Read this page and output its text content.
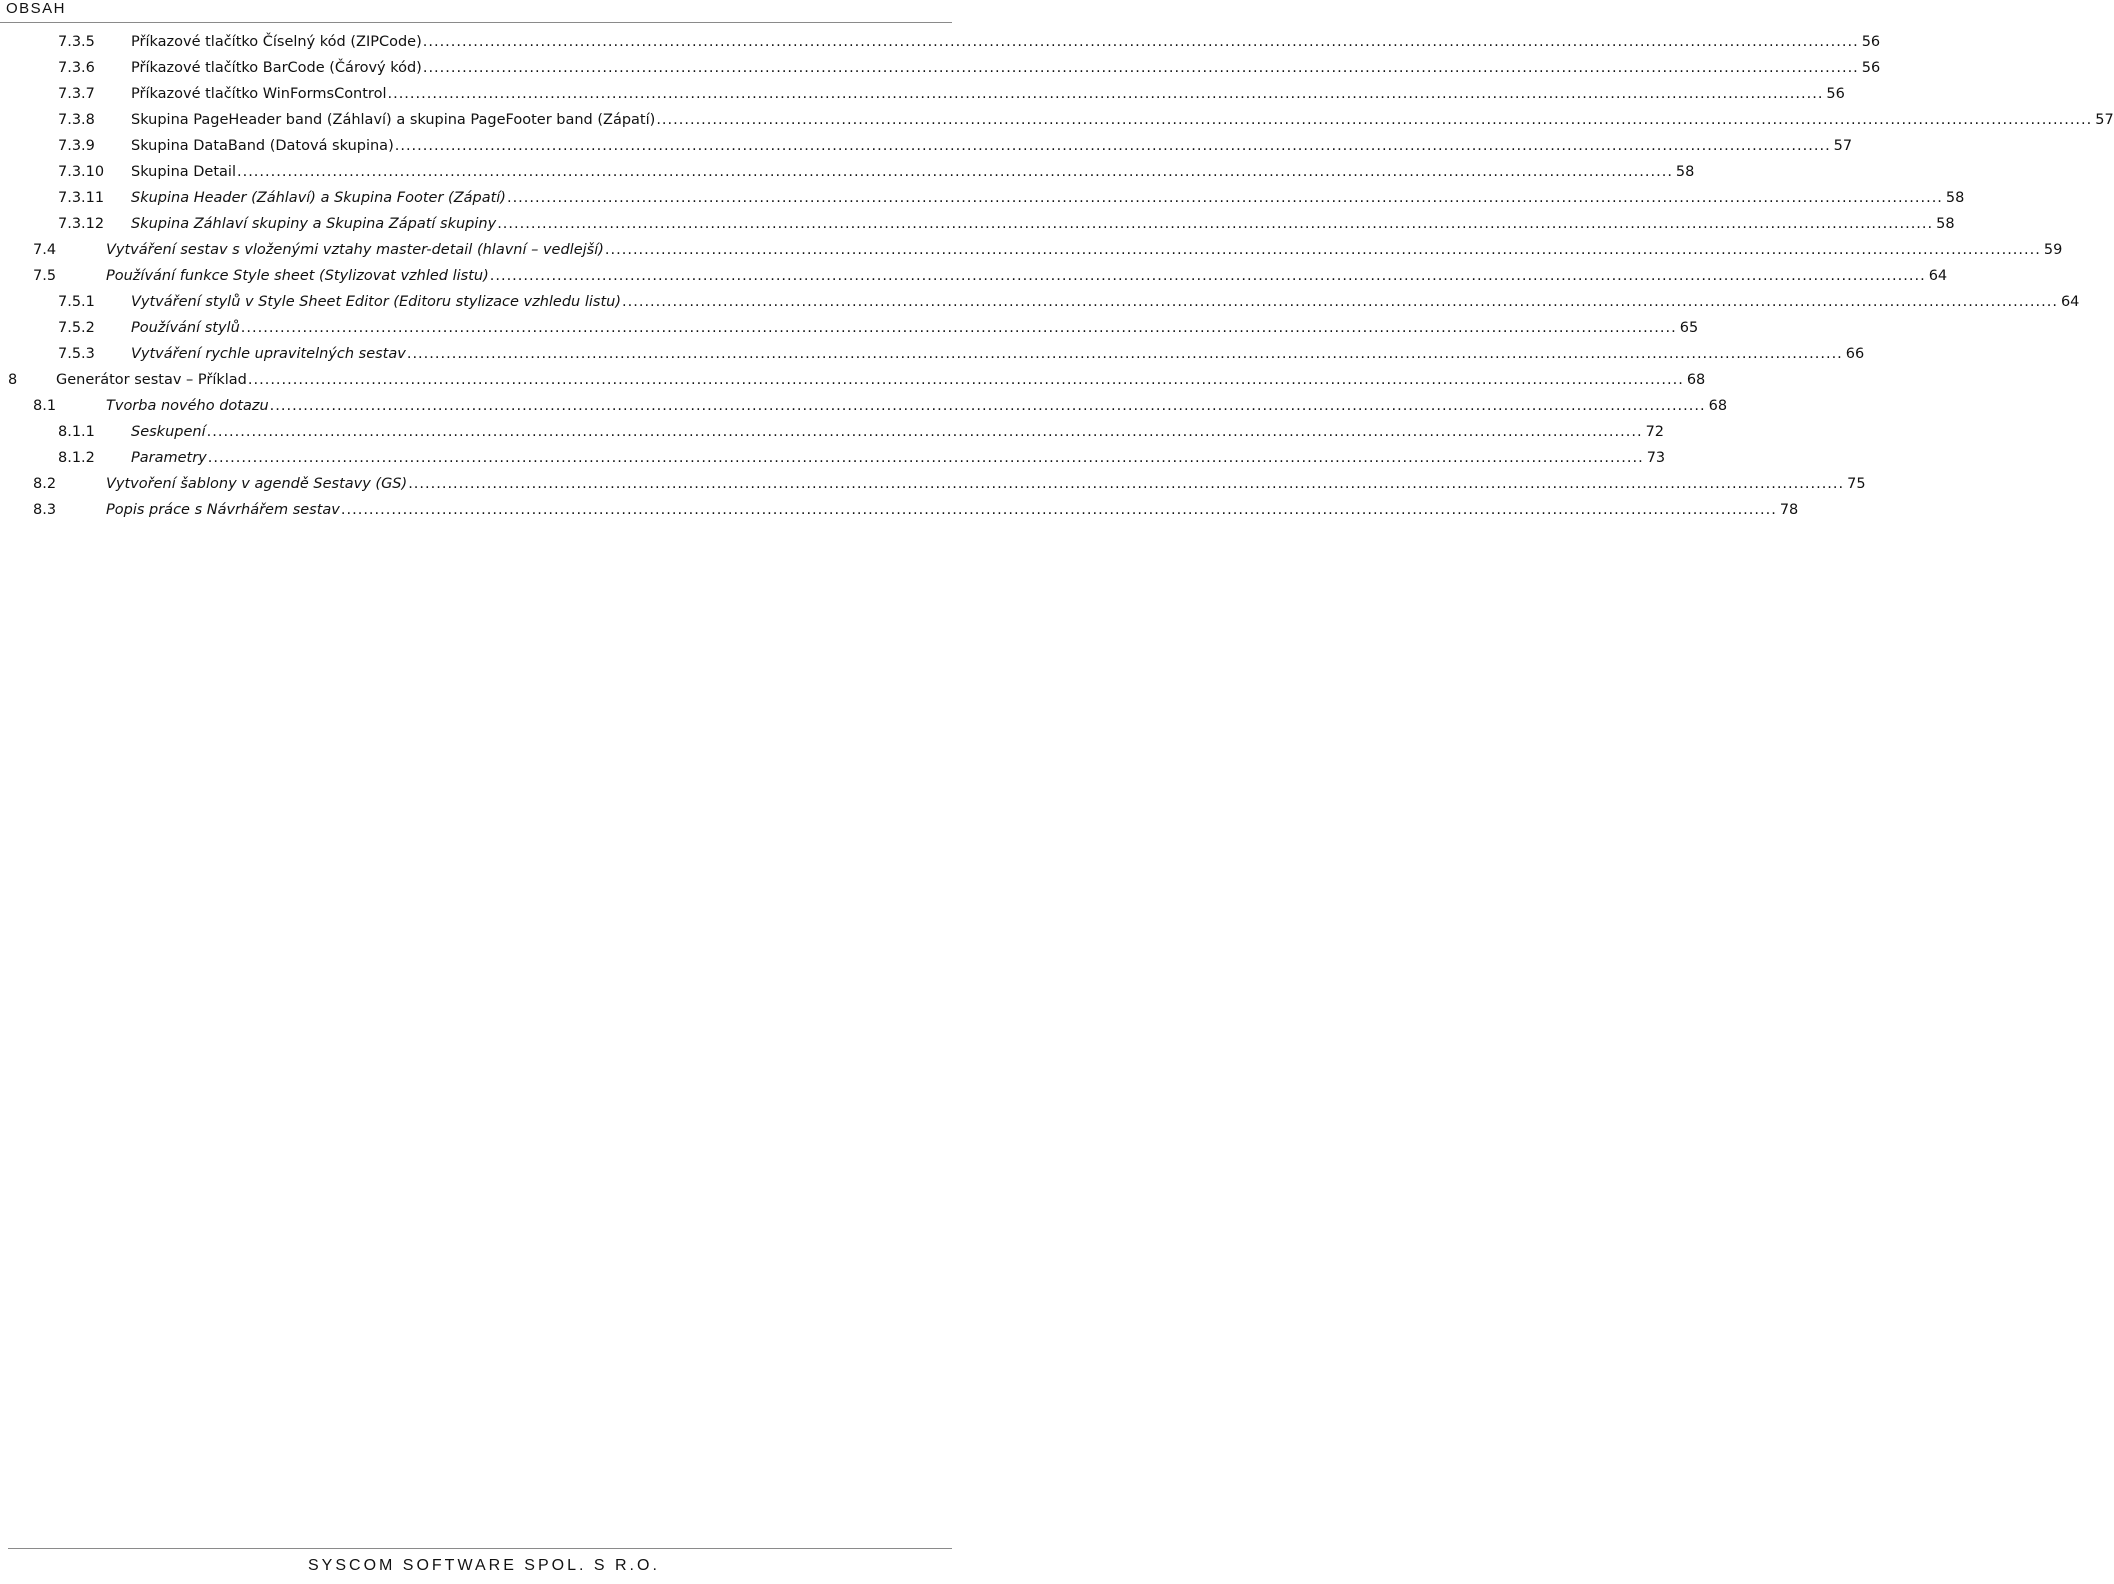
OBSAH
7.3.5	Příkazové tlačítko Číselný kód (ZIPCode) .....	56
7.3.6	Příkazové tlačítko BarCode (Čárový kód) .....	56
7.3.7	Příkazové tlačítko WinFormsControl .....	56
7.3.8	Skupina PageHeader band (Záhlaví) a skupina PageFooter band (Zápatí) .....	57
7.3.9	Skupina DataBand (Datová skupina) .....	57
7.3.10	Skupina Detail .....	58
7.3.11	Skupina Header (Záhlaví) a Skupina Footer (Zápatí) .....	58
7.3.12	Skupina Záhlaví skupiny a Skupina Zápatí skupiny .....	58
7.4	Vytváření sestav s vloženými vztahy master-detail (hlavní – vedlejší) .....	59
7.5	Používání funkce Style sheet (Stylizovat vzhled listu) .....	64
7.5.1	Vytváření stylů v Style Sheet Editor (Editoru stylizace vzhledu listu) .....	64
7.5.2	Používání stylů .....	65
7.5.3	Vytváření rychle upravitelných sestav .....	66
8	Generátor sestav – Příklad .....	68
8.1	Tvorba nového dotazu .....	68
8.1.1	Seskupení .....	72
8.1.2	Parametry .....	73
8.2	Vytvoření šablony v agendě Sestavy (GS) .....	75
8.3	Popis práce s Návrhářem sestav .....	78
SYSCOM SOFTWARE SPOL. S R.O.
